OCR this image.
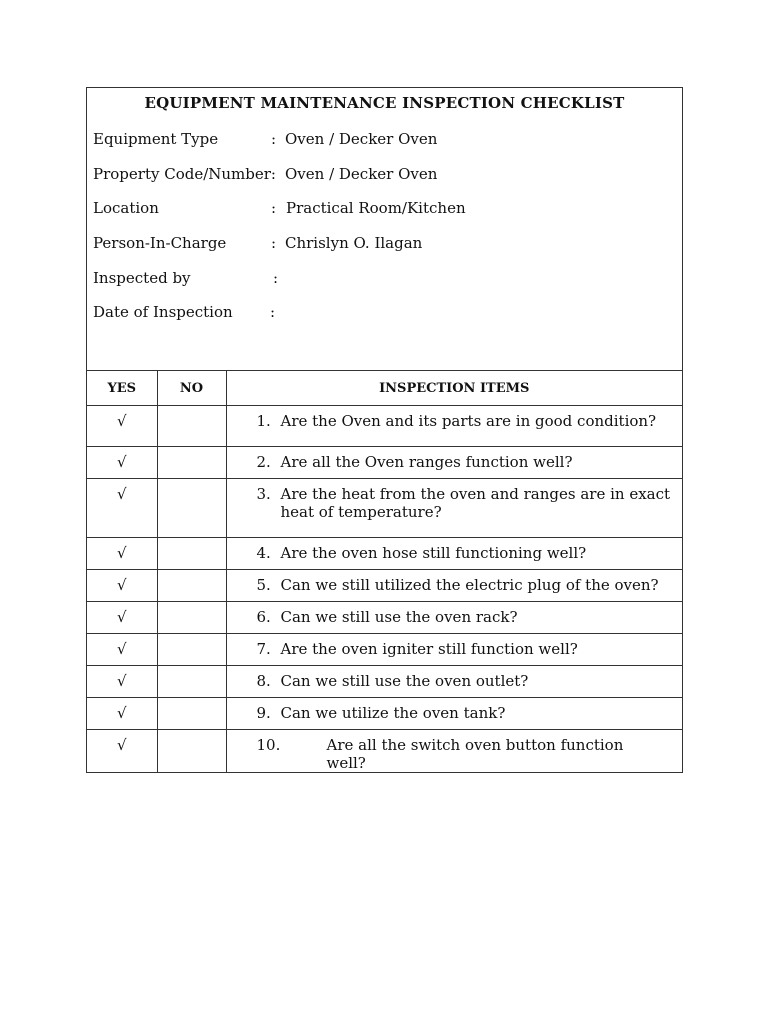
EQUIPMENT MAINTENANCE INSPECTION CHECKLIST
Equipment Type	: Oven / Decker Oven
Property Code/Number: Oven / Decker Oven
Location	: Practical Room/Kitchen
Person-In-Charge	: Chrislyn O. Ilagan
Inspected by	:
Date of Inspection :
YES	NO	INSPECTION ITEMS
√		1. Are the Oven and its parts are in good condition?
√		2. Are all the Oven ranges function well?
√		3. Are the heat from the oven and ranges are in exact heat of temperature?
√		4. Are the oven hose still functioning well?
√		5. Can we still utilized the electric plug of the oven?
√		6. Can we still use the oven rack?
√		7. Are the oven igniter still function well?
√		8. Can we still use the oven outlet?
√		9. Can we utilize the oven tank?
√		10. Are all the switch oven button function well?
